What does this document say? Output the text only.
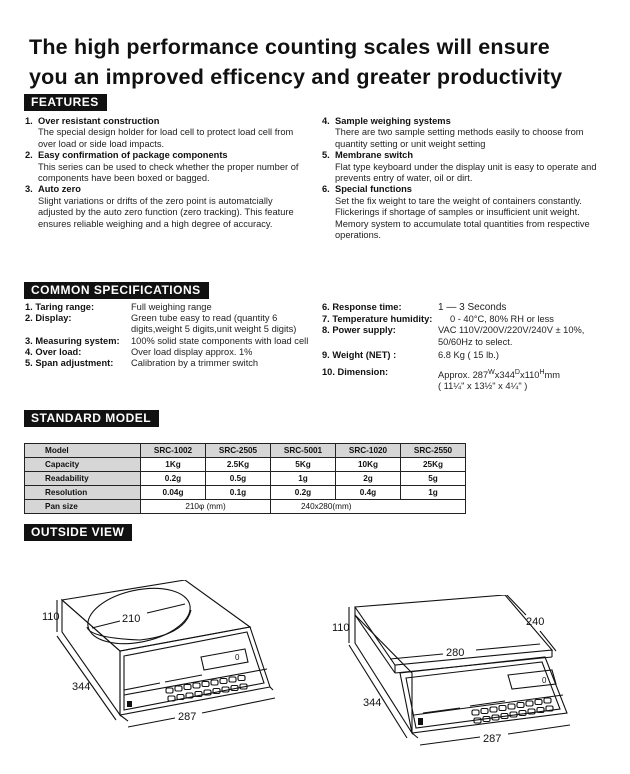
The high performance counting scales will ensure
you an improved efficency and greater productivity
FEATURES
1. Over resistant construction
The special design holder for load cell to protect load cell from over load or side load impacts.
2. Easy confirmation of package components
This series can be used to check whether the proper number of components have been boxed or bagged.
3. Auto zero
Slight variations or drifts of the zero point is automatcially adjusted by the auto zero function (zero tracking). This feature ensures reliable weighing and a high degree of accuracy.
4. Sample weighing systems
There are two sample setting methods easily to choose from quantity setting or unit weight setting
5. Membrane switch
Flat type keyboard under the display unit is easy to operate and prevents entry of water, oil or dirt.
6. Special functions
Set the fix weight to tare the weight of containers constantly.
Flickerings if shortage of samples or insufficient unit weight.
Memory system to accumulate total quantities from respective operations.
COMMON SPECIFICATIONS
1. Taring range:	Full weighing range
2. Display:	Green tube easy to read (quantity 6 digits,weight 5 digits,unit weight 5 digits)
3. Measuring system:	100% solid state components with load cell
4. Over load:	Over load display approx. 1%
5. Span adjustment:	Calibration by a trimmer switch
6. Response time:	1 — 3 Seconds
7. Temperature humidity:	0 - 40°C, 80% RH or less
8. Power supply:	VAC 110V/200V/220V/240V ± 10%, 50/60Hz to select.
9. Weight (NET) :	6.8 Kg ( 15 lb.)
10. Dimension:	Approx. $287^Wx344^Dx110^Hmm$
( 11¼" x 13½" x 4¼" )
STANDARD MODEL
Model	SRC-1002	SRC-2505	SRC-5001	SRC-1020	SRC-2550
Capacity	1Kg	2.5Kg	5Kg	10Kg	25Kg
Readability	0.2g	0.5g	1g	2g	5g
Resolution	0.04g	0.1g	0.2g	0.4g	1g
Pan size	210φ (mm)		240x280(mm)		
OUTSIDE VIEW
110
344
287
210
0
110
344
287
240
280
0
